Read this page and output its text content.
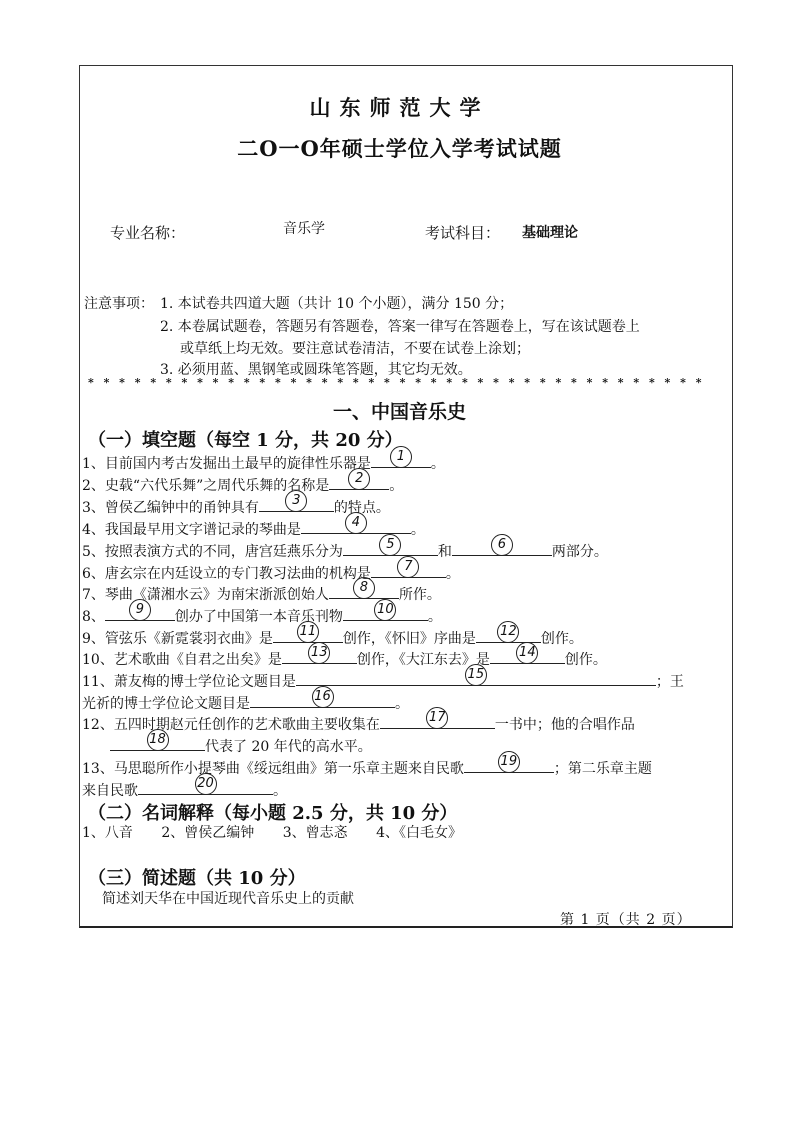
山东师范大学
二O一O年硕士学位入学考试试题
专业名称：	音乐学	考试科目： 基础理论
注意事项： 1. 本试卷共四道大题（共计 10 个小题），满分 150 分；
2. 本卷属试题卷，答题另有答题卷，答案一律写在答题卷上，写在该试题卷上
或草纸上均无效。要注意试卷清洁，不要在试卷上涂划；
3. 必须用蓝、黑钢笔或圆珠笔答题，其它均无效。
* * * * * * * * * * * * * * * * * * * * * * * * * * * * * * * * * * * * * * * *
一、中国音乐史
（一）填空题（每空 1 分，共 20 分）
1、目前国内考古发掘出土最早的旋律性乐器是	1	。
2、史载“六代乐舞”之周代乐舞的名称是	2	。
3、曾侯乙编钟中的甬钟具有	3	的特点。
4、我国最早用文字谱记录的琴曲是	4	。
5、按照表演方式的不同，唐宫廷燕乐分为	5	和	6	两部分。
6、唐玄宗在内廷设立的专门教习法曲的机构是	7	。
7、琴曲《潇湘水云》为南宋浙派创始人	8	所作。
8、	9	创办了中国第一本音乐刊物	10 。
9、管弦乐《新霓裳羽衣曲》是 11 创作，《怀旧》序曲是 12 创作。
10、艺术歌曲《自君之出矣》是 13 创作，《大江东去》是 14 创作。
11、萧友梅的博士学位论文题目是	15	；王
光祈的博士学位论文题目是	16	。
12、五四时期赵元任创作的艺术歌曲主要收集在	17	一书中；他的合唱作品

18	代表了 20 年代的高水平。
13、马思聪所作小提琴曲《绥远组曲》第一乐章主题来自民歌	19	；第二乐章主题
来自民歌	20	。
（二）名词解释（每小题 2.5 分，共 10 分）
1、八音 2、曾侯乙编钟 3、曾志忞 4、《白毛女》
（三）简述题（共 10 分）
简述刘天华在中国近现代音乐史上的贡献
第 1 页（共 2 页）
